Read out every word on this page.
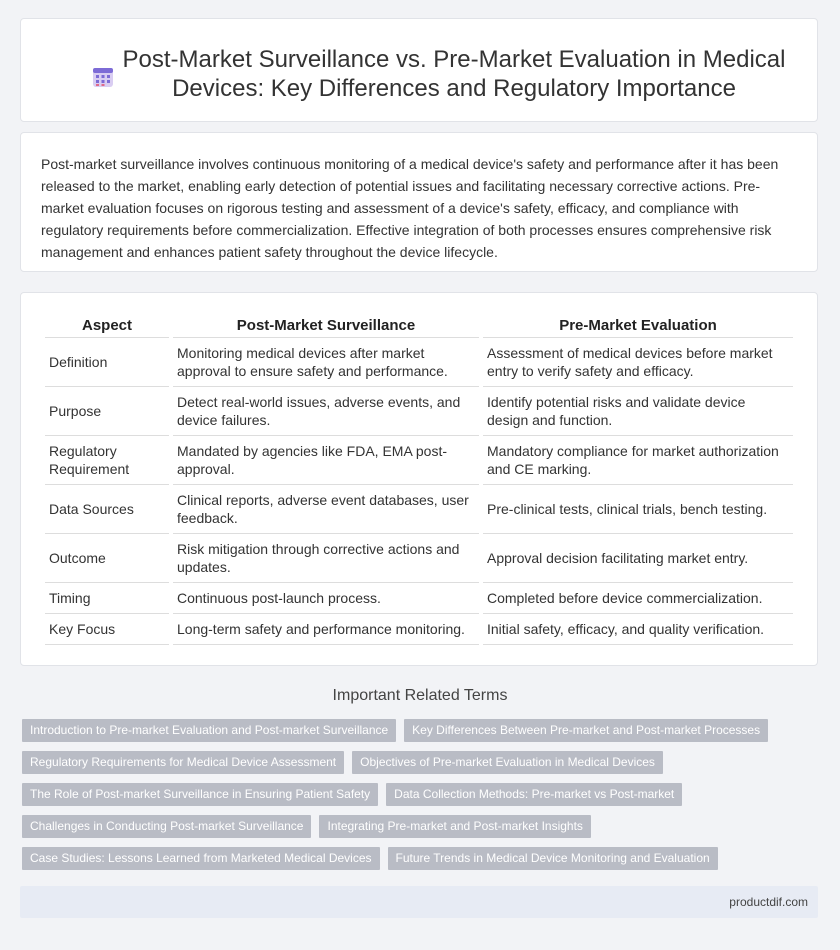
Post-Market Surveillance vs. Pre-Market Evaluation in Medical Devices: Key Differences and Regulatory Importance

Post-market surveillance involves continuous monitoring of a medical device's safety and performance after it has been released to the market, enabling early detection of potential issues and facilitating necessary corrective actions. Pre-market evaluation focuses on rigorous testing and assessment of a device's safety, efficacy, and compliance with regulatory requirements before commercialization. Effective integration of both processes ensures comprehensive risk management and enhances patient safety throughout the device lifecycle.

Aspect	Post-Market Surveillance	Pre-Market Evaluation
Definition	Monitoring medical devices after market approval to ensure safety and performance.	Assessment of medical devices before market entry to verify safety and efficacy.
Purpose	Detect real-world issues, adverse events, and device failures.	Identify potential risks and validate device design and function.
Regulatory Requirement	Mandated by agencies like FDA, EMA post-approval.	Mandatory compliance for market authorization and CE marking.
Data Sources	Clinical reports, adverse event databases, user feedback.	Pre-clinical tests, clinical trials, bench testing.
Outcome	Risk mitigation through corrective actions and updates.	Approval decision facilitating market entry.
Timing	Continuous post-launch process.	Completed before device commercialization.
Key Focus	Long-term safety and performance monitoring.	Initial safety, efficacy, and quality verification.
Important Related Terms
Introduction to Pre-market Evaluation and Post-market Surveillance	Key Differences Between Pre-market and Post-market Processes
Regulatory Requirements for Medical Device Assessment	Objectives of Pre-market Evaluation in Medical Devices
The Role of Post-market Surveillance in Ensuring Patient Safety	Data Collection Methods: Pre-market vs Post-market
Challenges in Conducting Post-market Surveillance	Integrating Pre-market and Post-market Insights
Case Studies: Lessons Learned from Marketed Medical Devices	Future Trends in Medical Device Monitoring and Evaluation
productdif.com
